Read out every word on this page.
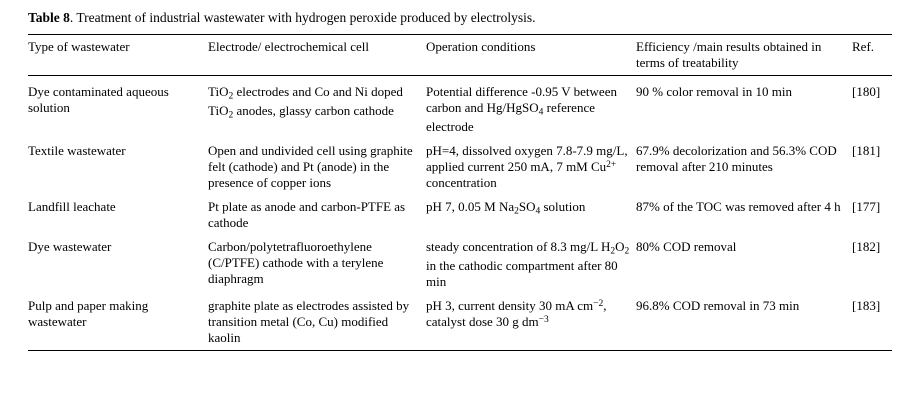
Table 8. Treatment of industrial wastewater with hydrogen peroxide produced by electrolysis.

Type of wastewater	Electrode/ electrochemical cell	Operation conditions	Efficiency /main results obtained in terms of treatability	Ref.
Dye contaminated aqueous solution	TiO$_2$ electrodes and Co and Ni doped TiO$_2$ anodes, glassy carbon cathode	Potential difference -0.95 V between carbon and Hg/HgSO$_4$ reference electrode	90 % color removal in 10 min	[180]
Textile wastewater	Open and undivided cell using graphite felt (cathode) and Pt (anode) in the presence of copper ions	pH=4, dissolved oxygen 7.8-7.9 mg/L, applied current 250 mA, 7 mM $Cu^{2+}$ concentration	67.9% decolorization and 56.3% COD removal after 210 minutes	[181]
Landfill leachate	Pt plate as anode and carbon-PTFE as cathode	pH 7, 0.05 M $Na_2SO_4$ solution	87% of the TOC was removed after 4 h	[177]
Dye wastewater	Carbon/polytetrafluoroethylene (C/PTFE) cathode with a terylene diaphragm	steady concentration of 8.3 mg/L $H_2O_2$ in the cathodic compartment after 80 min	80% COD removal	[182]
Pulp and paper making wastewater	graphite plate as electrodes assisted by transition metal (Co, Cu) modified kaolin	pH 3, current density 30 mA $cm^{-2}$, catalyst dose 30 g $dm^{-3}$	96.8% COD removal in 73 min	[183]
